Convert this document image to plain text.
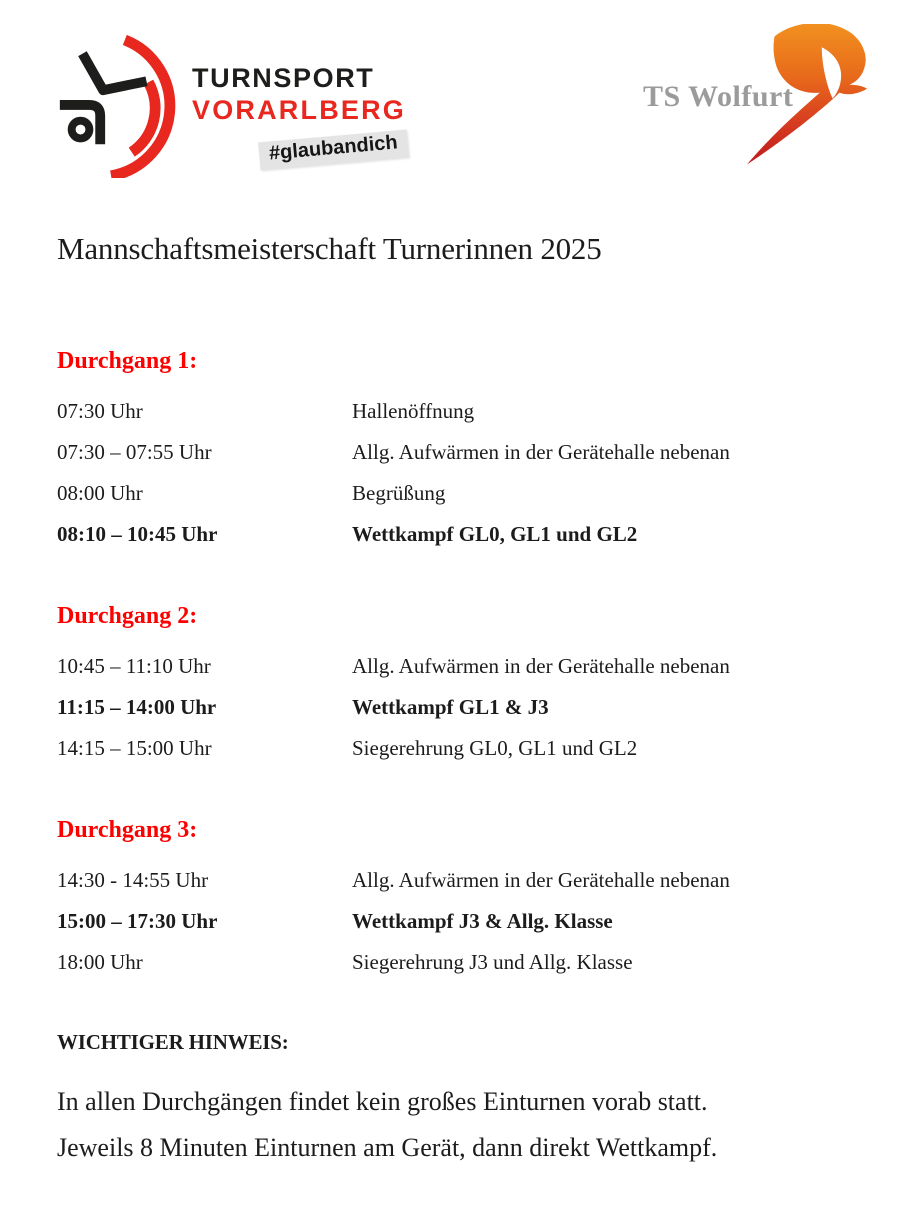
TURNSPORT
VORARLBERG
#glaubandich
TS Wolfurt
Mannschaftsmeisterschaft Turnerinnen 2025
Durchgang 1:
07:30 Uhr	Hallenöffnung
07:30 – 07:55 Uhr	Allg. Aufwärmen in der Gerätehalle nebenan
08:00 Uhr	Begrüßung
08:10 – 10:45 Uhr	Wettkampf GL0, GL1 und GL2
Durchgang 2:
10:45 – 11:10 Uhr	Allg. Aufwärmen in der Gerätehalle nebenan
11:15 – 14:00 Uhr	Wettkampf GL1 & J3
14:15 – 15:00 Uhr	Siegerehrung GL0, GL1 und GL2
Durchgang 3:
14:30 - 14:55 Uhr	Allg. Aufwärmen in der Gerätehalle nebenan
15:00 – 17:30 Uhr	Wettkampf J3 & Allg. Klasse
18:00 Uhr	Siegerehrung J3 und Allg. Klasse
WICHTIGER HINWEIS:

In allen Durchgängen findet kein großes Einturnen vorab statt.

Jeweils 8 Minuten Einturnen am Gerät, dann direkt Wettkampf.
